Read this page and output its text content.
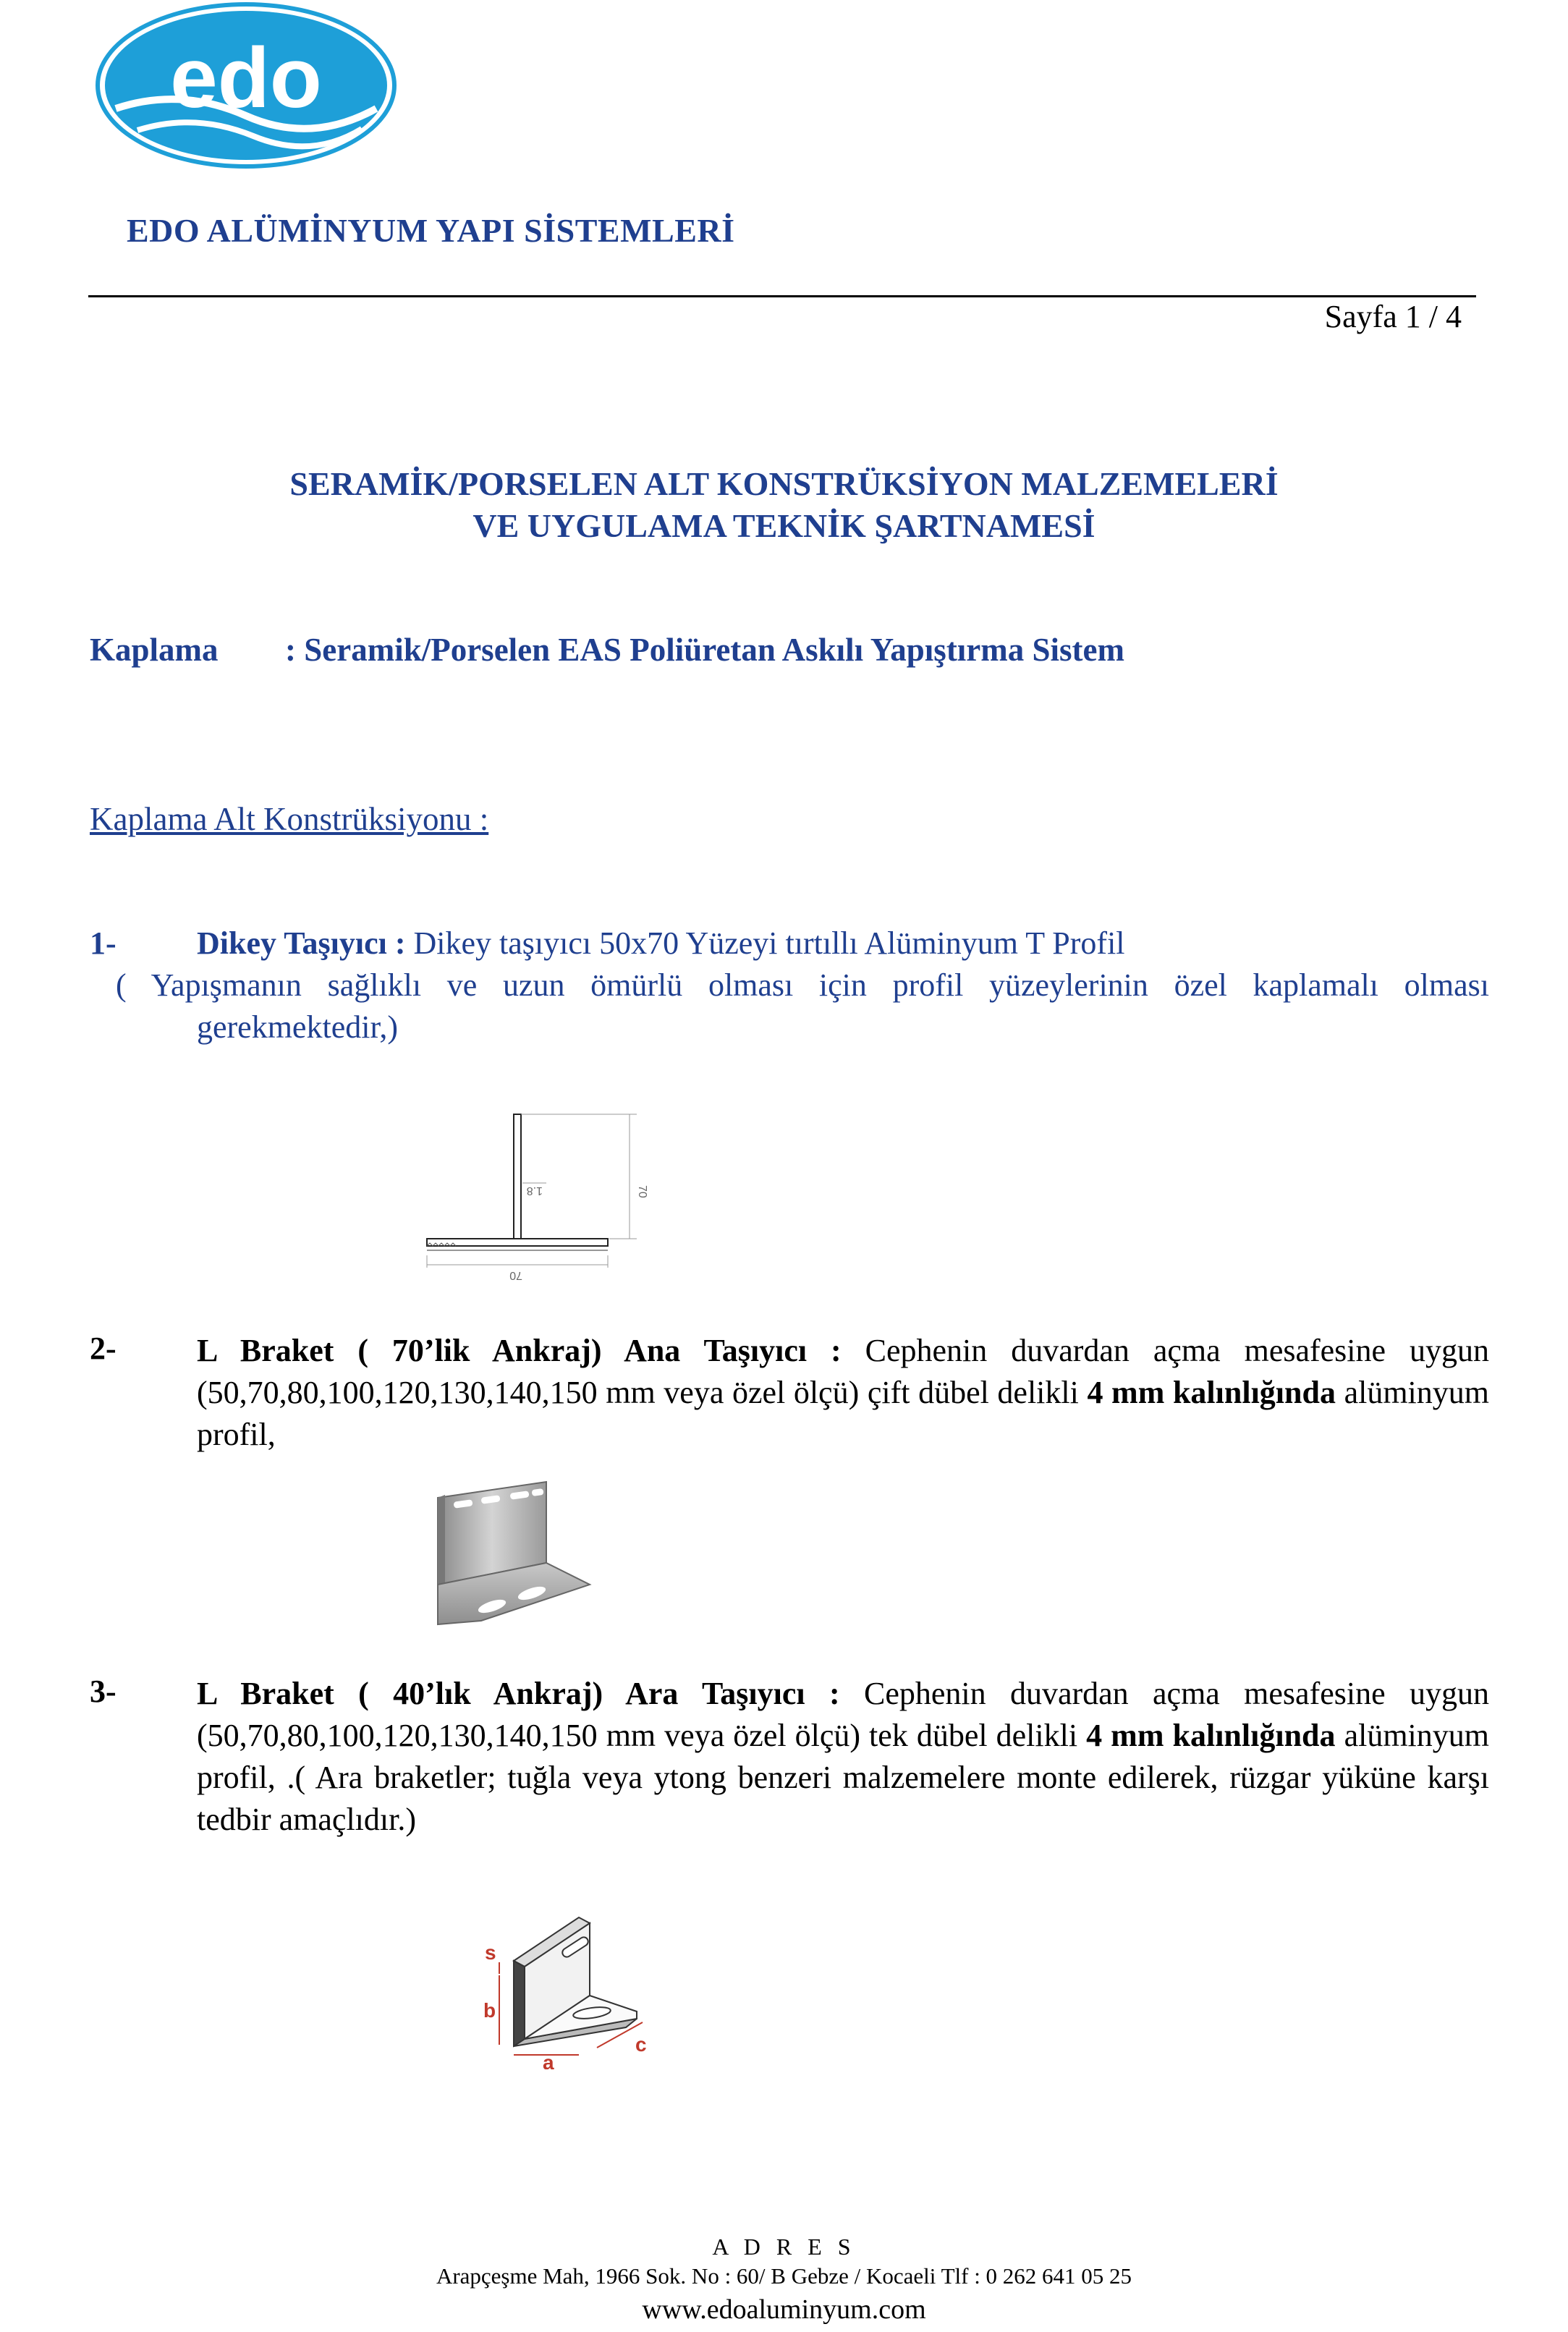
edo
EDO ALÜMİNYUM YAPI SİSTEMLERİ
Sayfa 1 / 4
SERAMİK/PORSELEN ALT KONSTRÜKSİYON MALZEMELERİ
VE UYGULAMA TEKNİK ŞARTNAMESİ
Kaplama : Seramik/Porselen EAS Poliüretan Askılı Yapıştırma Sistem
Kaplama Alt Konstrüksiyonu :
1-	Dikey Taşıyıcı : Dikey taşıyıcı 50x70 Yüzeyi tırtıllı Alüminyum T Profil
( Yapışmanın sağlıklı ve uzun ömürlü olması için profil yüzeylerinin özel kaplamalı olması
gerekmektedir,)
70
1.8
70
2-	L Braket ( 70’lik Ankraj) Ana Taşıyıcı : Cephenin duvardan açma mesafesine uygun (50,70,80,100,120,130,140,150 mm veya özel ölçü) çift dübel delikli 4 mm kalınlığında alüminyum profil,
3-	L Braket ( 40’lık Ankraj) Ara Taşıyıcı : Cephenin duvardan açma mesafesine uygun (50,70,80,100,120,130,140,150 mm veya özel ölçü) tek dübel delikli 4 mm kalınlığında alüminyum profil, .( Ara braketler; tuğla veya ytong benzeri malzemelere monte edilerek, rüzgar yüküne karşı tedbir amaçlıdır.)
s
b
a
c
A D R E S
Arapçeşme Mah, 1966 Sok. No : 60/ B Gebze / Kocaeli Tlf : 0 262 641 05 25
www.edoaluminyum.com
